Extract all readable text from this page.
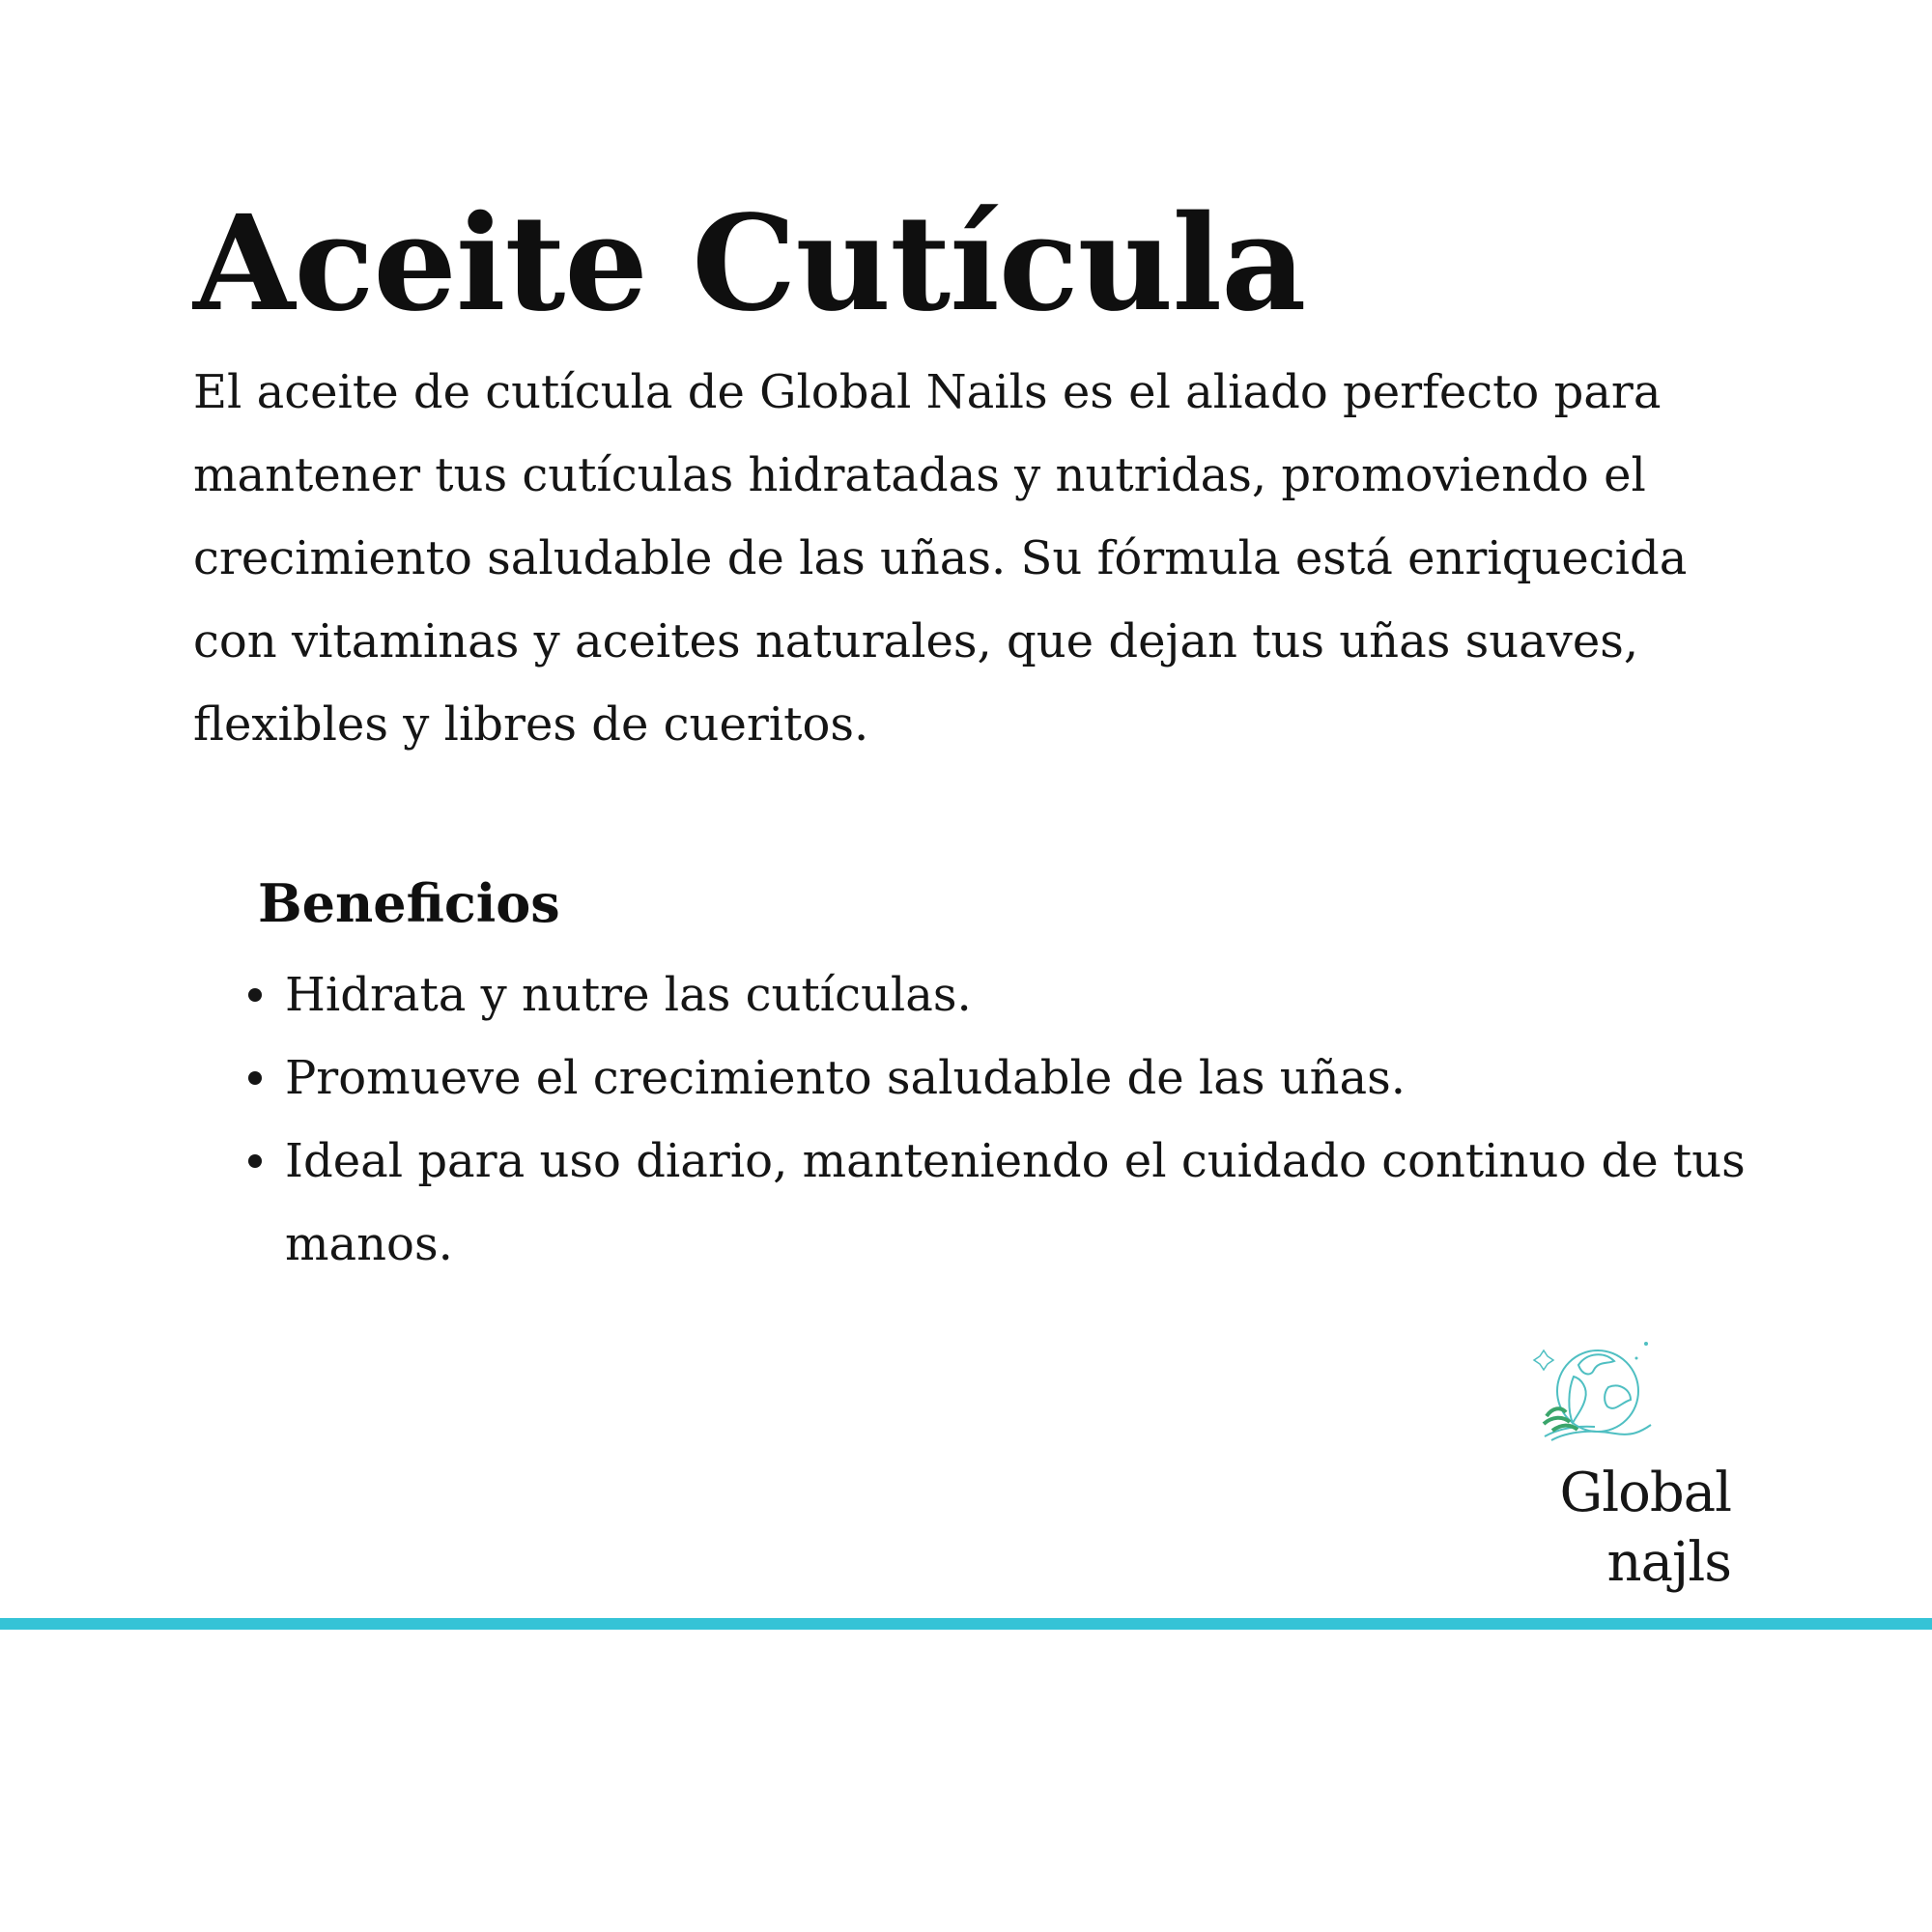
Aceite Cutícula

El aceite de cutícula de Global Nails es el aliado perfecto para mantener tus cutículas hidratadas y nutridas, promoviendo el crecimiento saludable de las uñas. Su fórmula está enriquecida con vitaminas y aceites naturales, que dejan tus uñas suaves, flexibles y libres de cueritos.

Beneficios
Hidrata y nutre las cutículas.
Promueve el crecimiento saludable de las uñas.
Ideal para uso diario, manteniendo el cuidado continuo de tus manos.
Global najls
